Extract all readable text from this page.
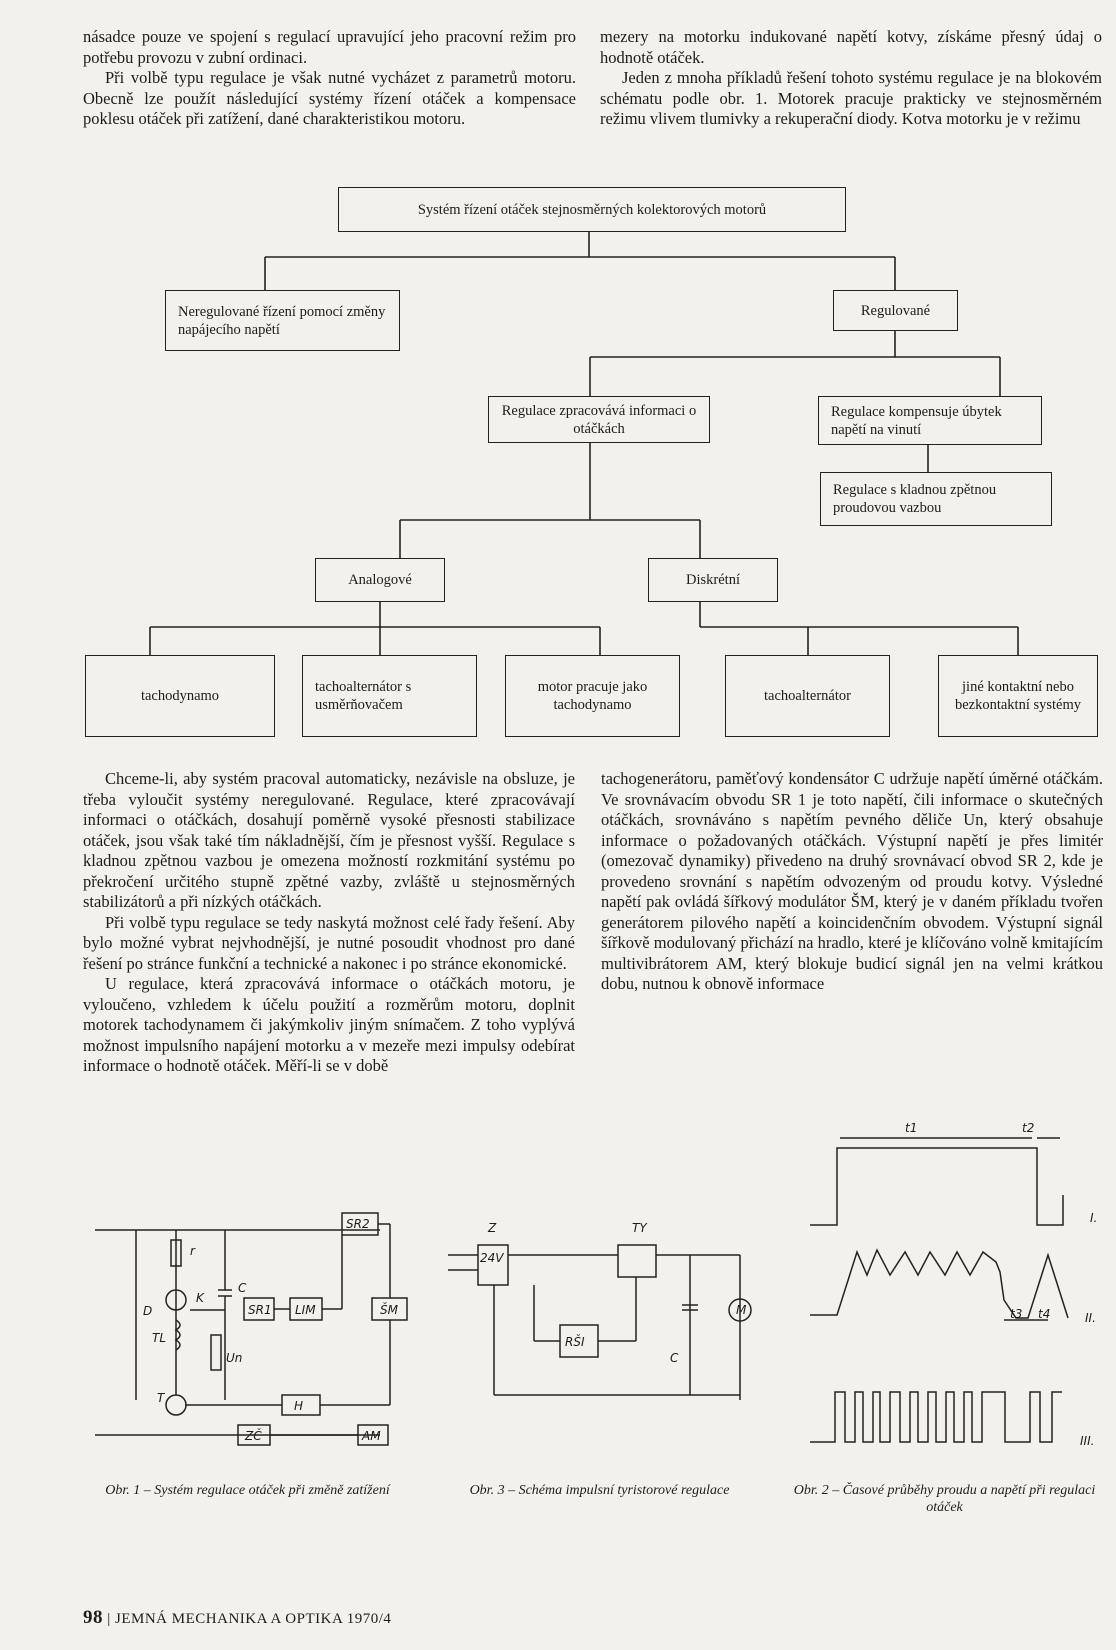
násadce pouze ve spojení s regulací upravující jeho pracovní režim pro potřebu provozu v zubní ordinaci.

Při volbě typu regulace je však nutné vycházet z parametrů motoru. Obecně lze použít následující systémy řízení otáček a kompensace poklesu otáček při zatížení, dané charakteristikou motoru.

mezery na motorku indukované napětí kotvy, získáme přesný údaj o hodnotě otáček.

Jeden z mnoha příkladů řešení tohoto systému regulace je na blokovém schématu podle obr. 1. Motorek pracuje prakticky ve stejnosměrném režimu vlivem tlumivky a rekuperační diody. Kotva motorku je v režimu

Chceme-li, aby systém pracoval automaticky, nezávisle na obsluze, je třeba vyloučit systémy neregulované. Regulace, které zpracovávají informaci o otáčkách, dosahují poměrně vysoké přesnosti stabilizace otáček, jsou však také tím nákladnější, čím je přesnost vyšší. Regulace s kladnou zpětnou vazbou je omezena možností rozkmitání systému po překročení určitého stupně zpětné vazby, zvláště u stejnosměrných stabilizátorů a při nízkých otáčkách.

Při volbě typu regulace se tedy naskytá možnost celé řady řešení. Aby bylo možné vybrat nejvhodnější, je nutné posoudit vhodnost pro dané řešení po stránce funkční a technické a nakonec i po stránce ekonomické.

U regulace, která zpracovává informace o otáčkách motoru, je vyloučeno, vzhledem k účelu použití a rozměrům motoru, doplnit motorek tachodynamem či jakýmkoliv jiným snímačem. Z toho vyplývá možnost impulsního napájení motorku a v mezeře mezi impulsy odebírat informace o hodnotě otáček. Měří-li se v době

tachogenerátoru, paměťový kondensátor C udržuje napětí úměrné otáčkám. Ve srovnávacím obvodu SR 1 je toto napětí, čili informace o skutečných otáčkách, srovnáváno s napětím pevného děliče Un, který obsahuje informace o požadovaných otáčkách. Výstupní napětí je přes limitér (omezovač dynamiky) přivedeno na druhý srovnávací obvod SR 2, kde je provedeno srovnání s napětím odvozeným od proudu kotvy. Výsledné napětí pak ovládá šířkový modulátor ŠM, který je v daném příkladu tvořen generátorem pilového napětí a koincidenčním obvodem. Výstupní signál šířkově modulovaný přichází na hradlo, které je klíčováno volně kmitajícím multivibrátorem AM, který blokuje budicí signál jen na velmi krátkou dobu, nutnou k obnově informace

r
K
C
SR2
D
TL
SR1 LIM	ŠM
Un
T
H
ZČ	AM
Z
24V
TY
RŠI
C
M
t1	t2
t3 t4
I.
II.
III.
Systém řízení otáček stejnosměrných kolektorových motorů
Neregulované řízení pomocí změny napájecího napětí
Regulované
Regulace zpracovává informaci o otáčkách
Regulace kompensuje úbytek napětí na vinutí
Regulace s kladnou zpětnou proudovou vazbou
Analogové	Diskrétní
tachodynamo
tachoalternátor s usměrňovačem
motor pracuje jako tachodynamo
tachoalternátor
jiné kontaktní nebo bezkontaktní systémy
Obr. 1 – Systém regulace otáček při změně zatížení	Obr. 3 – Schéma impulsní tyristorové regulace	Obr. 2 – Časové průběhy proudu a napětí při regulaci otáček
98 | JEMNÁ MECHANIKA A OPTIKA 1970/4
